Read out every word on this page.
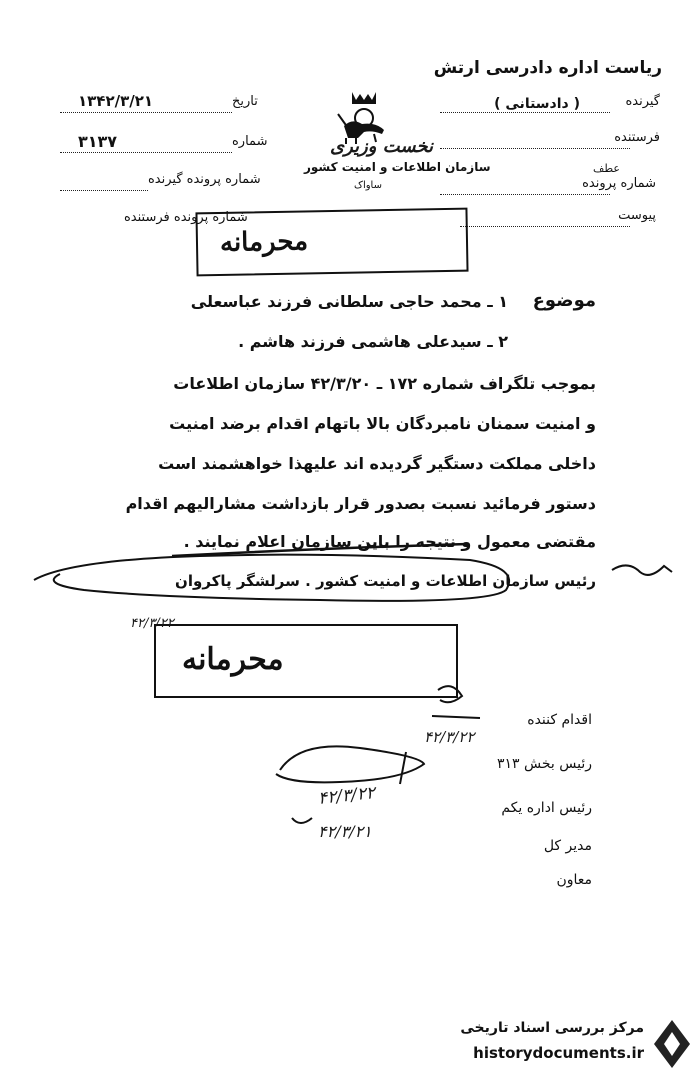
ریاست اداره دادرسی ارتش
گیرنده
( دادستانی )
فرستنده
شماره پرونده
عطف
پیوست
تاریخ
۱۳۴۲/۳/۲۱
شماره
۳۱۳۷
شماره پرونده گیرنده
شماره پرونده فرستنده
نخست وزیری
سازمان اطلاعات و امنیت کشور
ساواک
محرمانه
موضوع
۱ ـ محمد حاجی سلطانی فرزند عباسعلی
۲ ـ سیدعلی هاشمی فرزند هاشم .
بموجب تلگراف شماره ۱۷۲ ـ ۴۲/۳/۲۰ سازمان اطلاعات
و امنیت سمنان نامبردگان بالا باتهام اقدام برضد امنیت
داخلی مملکت دستگیر گردیده اند علیهذا خواهشمند است
دستور فرمائید نسبت بصدور قرار بازداشت مشارالیهم اقدام
مقتضی معمول و نتیجه را باین سازمان اعلام نمایند .
رئیس سازمان اطلاعات و امنیت کشور . سرلشگر پاکروان
محرمانه
اقدام کننده
رئیس بخش ۳۱۳
رئیس اداره یکم
مدیر کل
معاون
۴۲/۳/۲۲
۴۲/۳/۲۲
۴۲/۳/۲۲
۴۲/۳/۲۱
مرکز بررسی اسناد تاریخی
historydocuments.ir
